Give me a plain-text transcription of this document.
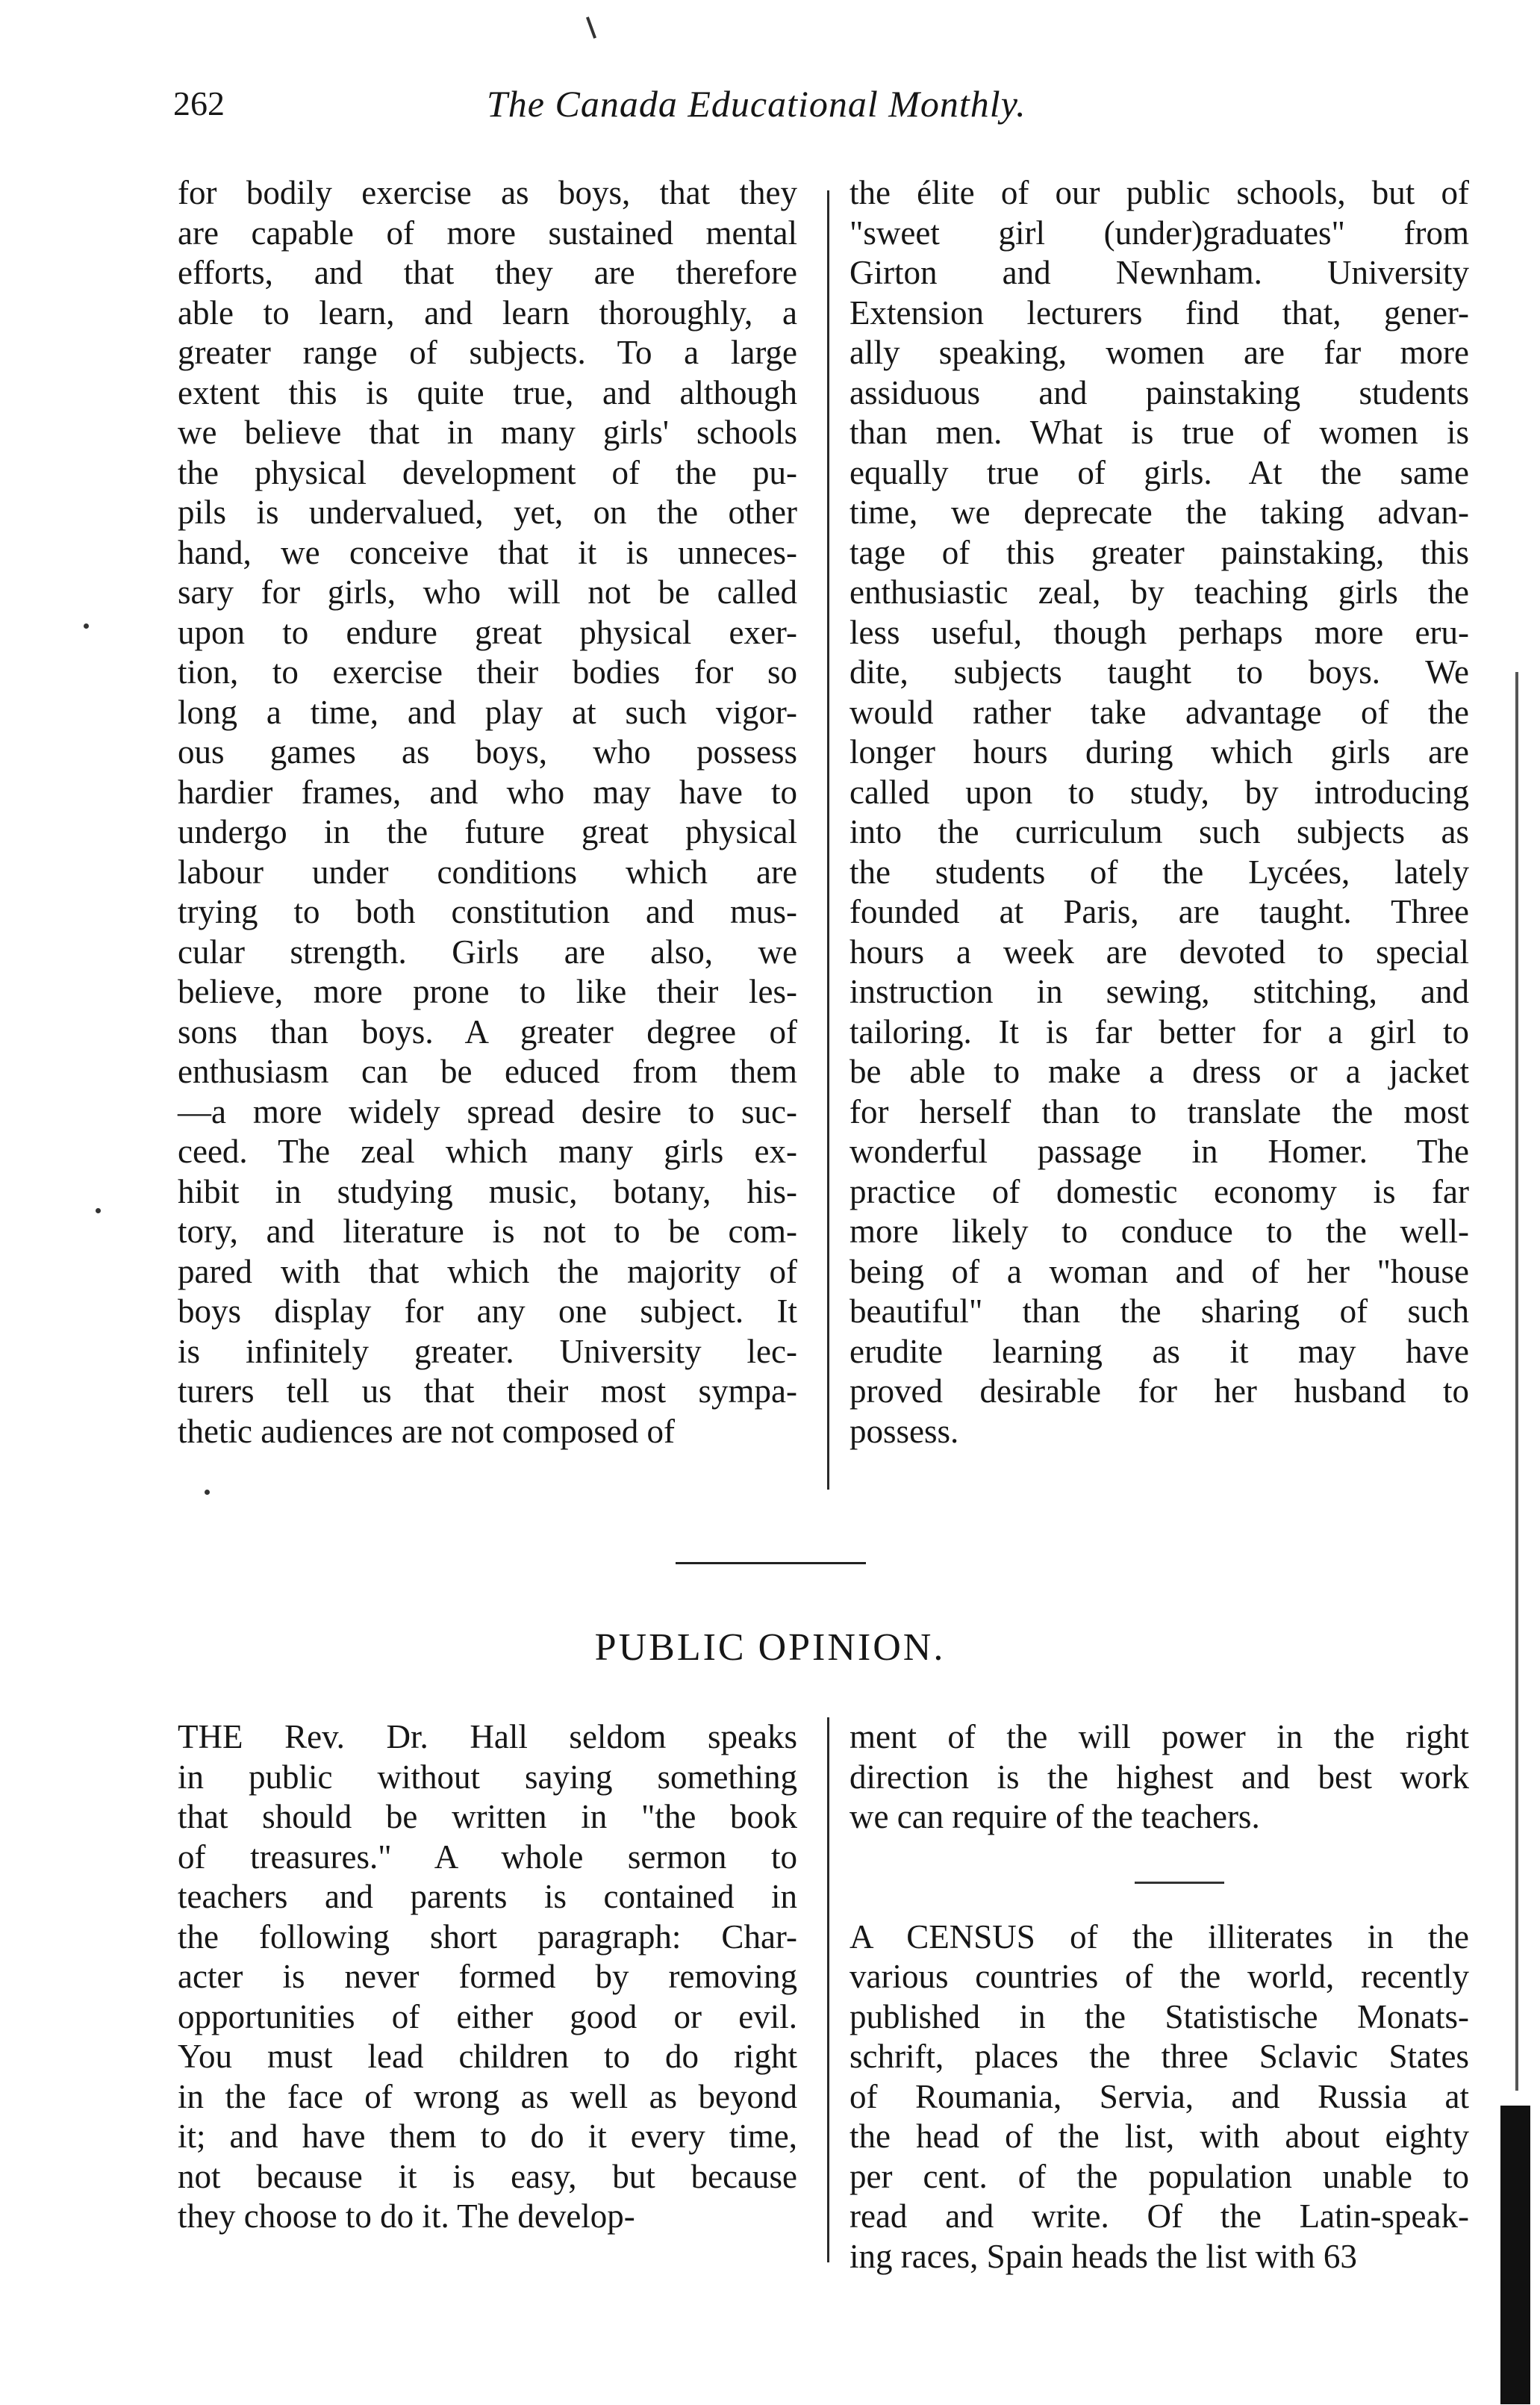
262	The Canada Educational Monthly.
for bodily exercise as boys, that they
are capable of more sustained mental
efforts, and that they are therefore
able to learn, and learn thoroughly, a
greater range of subjects. To a large
extent this is quite true, and although
we believe that in many girls' schools
the physical development of the pu-
pils is undervalued, yet, on the other
hand, we conceive that it is unneces-
sary for girls, who will not be called
upon to endure great physical exer-
tion, to exercise their bodies for so
long a time, and play at such vigor-
ous games as boys, who possess
hardier frames, and who may have to
undergo in the future great physical
labour under conditions which are
trying to both constitution and mus-
cular strength. Girls are also, we
believe, more prone to like their les-
sons than boys. A greater degree of
enthusiasm can be educed from them
—a more widely spread desire to suc-
ceed. The zeal which many girls ex-
hibit in studying music, botany, his-
tory, and literature is not to be com-
pared with that which the majority of
boys display for any one subject. It
is infinitely greater. University lec-
turers tell us that their most sympa-
thetic audiences are not composed of
the élite of our public schools, but of
"sweet girl (under)graduates" from
Girton and Newnham. University
Extension lecturers find that, gener-
ally speaking, women are far more
assiduous and painstaking students
than men. What is true of women is
equally true of girls. At the same
time, we deprecate the taking advan-
tage of this greater painstaking, this
enthusiastic zeal, by teaching girls the
less useful, though perhaps more eru-
dite, subjects taught to boys. We
would rather take advantage of the
longer hours during which girls are
called upon to study, by introducing
into the curriculum such subjects as
the students of the Lycées, lately
founded at Paris, are taught. Three
hours a week are devoted to special
instruction in sewing, stitching, and
tailoring. It is far better for a girl to
be able to make a dress or a jacket
for herself than to translate the most
wonderful passage in Homer. The
practice of domestic economy is far
more likely to conduce to the well-
being of a woman and of her "house
beautiful" than the sharing of such
erudite learning as it may have
proved desirable for her husband to
possess.
PUBLIC OPINION.
THE Rev. Dr. Hall seldom speaks
in public without saying something
that should be written in "the book
of treasures." A whole sermon to
teachers and parents is contained in
the following short paragraph: Char-
acter is never formed by removing
opportunities of either good or evil.
You must lead children to do right
in the face of wrong as well as beyond
it; and have them to do it every time,
not because it is easy, but because
they choose to do it. The develop-
ment of the will power in the right
direction is the highest and best work
we can require of the teachers.
A CENSUS of the illiterates in the
various countries of the world, recently
published in the Statistische Monats-
schrift, places the three Sclavic States
of Roumania, Servia, and Russia at
the head of the list, with about eighty
per cent. of the population unable to
read and write. Of the Latin-speak-
ing races, Spain heads the list with 63
